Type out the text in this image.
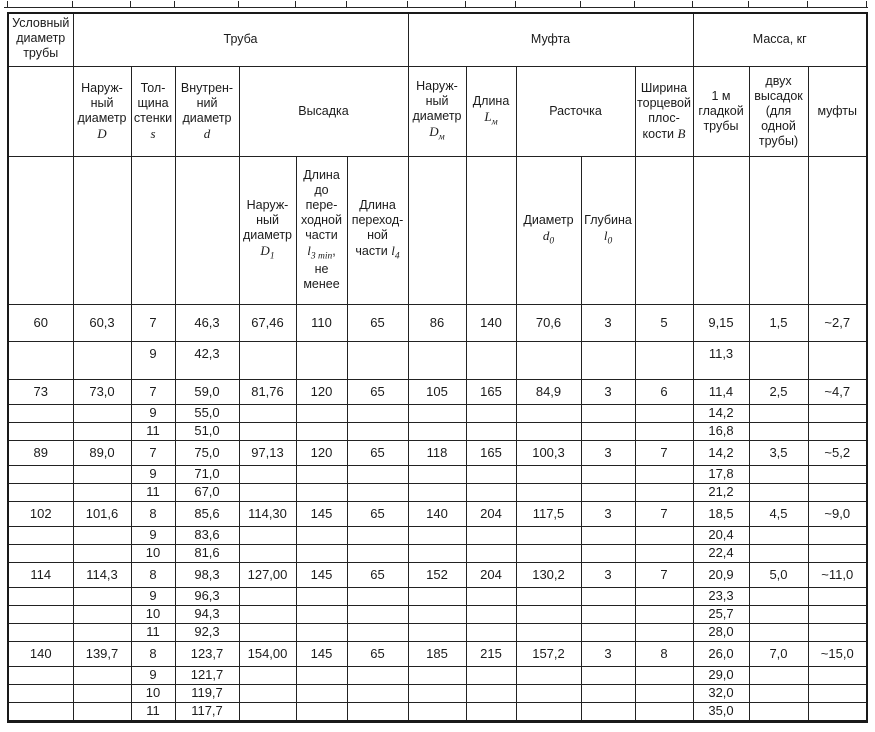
Условный
диаметр
трубы	Труба						Муфта					Масса, кг		
	Наруж-
ный
диаметр
D	Тол-
щина
стенки
s	Внутрен-
ний
диаметр
d	Высадка			Наруж-
ный
диаметр
$D_м$	Длина
$L_м$	Расточка		Ширина
торцевой
плос-
кости B	1 м
гладкой
трубы	двух
высадок
(для
одной
трубы)	муфты
				Наруж-
ный
диаметр
$D_1$	Длина
до
пере-
ходной
части
$l_{3 min}$,
не
менее	Длина
переход-
ной
части $l_4$			Диаметр
$d_0$	Глубина
$l_0$				
60	60,3	7	46,3	67,46	110	65	86	140	70,6	3	5	9,15	1,5	~2,7
		9	42,3									11,3		
73	73,0	7	59,0	81,76	120	65	105	165	84,9	3	6	11,4	2,5	~4,7
		9	55,0									14,2		
		11	51,0									16,8		
89	89,0	7	75,0	97,13	120	65	118	165	100,3	3	7	14,2	3,5	~5,2
		9	71,0									17,8		
		11	67,0									21,2		
102	101,6	8	85,6	114,30	145	65	140	204	117,5	3	7	18,5	4,5	~9,0
		9	83,6									20,4		
		10	81,6									22,4		
114	114,3	8	98,3	127,00	145	65	152	204	130,2	3	7	20,9	5,0	~11,0
		9	96,3									23,3		
		10	94,3									25,7		
		11	92,3									28,0		
140	139,7	8	123,7	154,00	145	65	185	215	157,2	3	8	26,0	7,0	~15,0
		9	121,7									29,0		
		10	119,7									32,0		
		11	117,7									35,0		
